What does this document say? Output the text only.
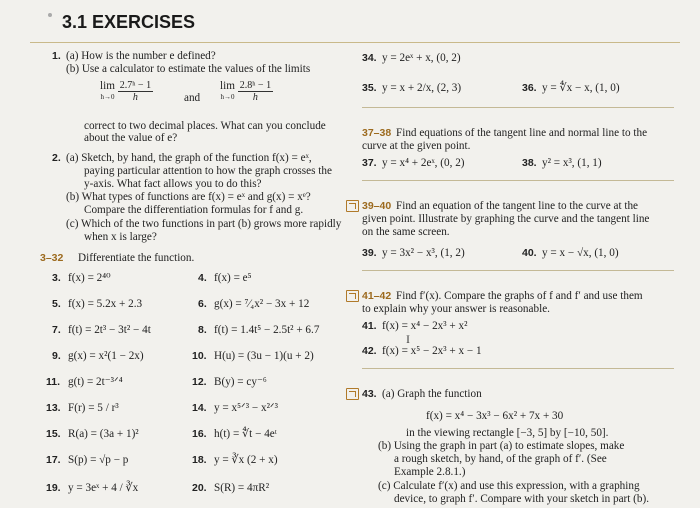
3.1 EXERCISES
1. (a) How is the number e defined?
(b) Use a calculator to estimate the values of the limits
lim
$h\to 0 \frac{\text{2.7ʰ − 1}}{h}$	and
lim
$h\to 0 \frac{\text{2.8ʰ − 1}}{h}$
correct to two decimal places. What can you conclude
about the value of e?
2. (a) Sketch, by hand, the graph of the function f(x) = eˣ,
paying particular attention to how the graph crosses the
y-axis. What fact allows you to do this?
(b) What types of functions are f(x) = eˣ and g(x) = xᵉ?
Compare the differentiation formulas for f and g.
(c) Which of the two functions in part (b) grows more rapidly
when x is large?
3–32 Differentiate the function.
3. f(x) = 2⁴⁰	4. f(x) = e⁵
5. f(x) = 5.2x + 2.3	6. g(x) = ⁷⁄₄x² − 3x + 12
7. f(t) = 2t³ − 3t² − 4t	8. f(t) = 1.4t⁵ − 2.5t² + 6.7
9. g(x) = x²(1 − 2x)	10. H(u) = (3u − 1)(u + 2)
11. g(t) = 2t⁻³ᐟ⁴	12. B(y) = cy⁻⁶
13. F(r) = 5 / r³	14. y = x⁵ᐟ³ − x²ᐟ³
15. R(a) = (3a + 1)²	16. h(t) = ∜t − 4eᵗ
17. S(p) = √p − p	18. y = ∛x (2 + x)
19. y = 3eˣ + 4 / ∛x	20. S(R) = 4πR²
34. y = 2eˣ + x, (0, 2)
35. y = x + 2/x, (2, 3)	36. y = ∜x − x, (1, 0)
37–38 Find equations of the tangent line and normal line to the
curve at the given point.
37. y = x⁴ + 2eˣ, (0, 2)	38. y² = x³, (1, 1)
39–40 Find an equation of the tangent line to the curve at the
given point. Illustrate by graphing the curve and the tangent line
on the same screen.
39. y = 3x² − x³, (1, 2)	40. y = x − √x, (1, 0)
41–42 Find f′(x). Compare the graphs of f and f′ and use them
to explain why your answer is reasonable.
41. f(x) = x⁴ − 2x³ + x²
I
42. f(x) = x⁵ − 2x³ + x − 1
43. (a) Graph the function
f(x) = x⁴ − 3x³ − 6x² + 7x + 30
in the viewing rectangle [−3, 5] by [−10, 50].
(b) Using the graph in part (a) to estimate slopes, make
a rough sketch, by hand, of the graph of f′. (See
Example 2.8.1.)
(c) Calculate f′(x) and use this expression, with a graphing
device, to graph f′. Compare with your sketch in part (b).
